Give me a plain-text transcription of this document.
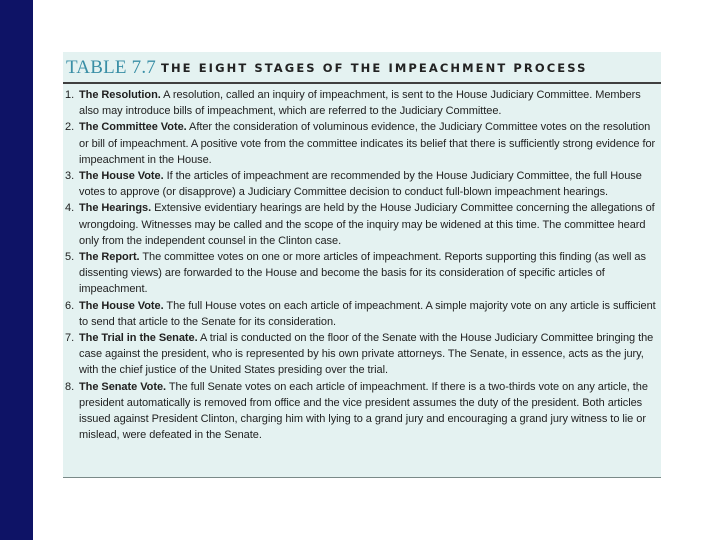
TABLE 7.7 THE EIGHT STAGES OF THE IMPEACHMENT PROCESS
1. The Resolution. A resolution, called an inquiry of impeachment, is sent to the House Judiciary Committee. Members also may introduce bills of impeachment, which are referred to the Judiciary Committee.
2. The Committee Vote. After the consideration of voluminous evidence, the Judiciary Committee votes on the resolution or bill of impeachment. A positive vote from the committee indicates its belief that there is sufficiently strong evidence for impeachment in the House.
3. The House Vote. If the articles of impeachment are recommended by the House Judiciary Committee, the full House votes to approve (or disapprove) a Judiciary Committee decision to conduct full-blown impeachment hearings.
4. The Hearings. Extensive evidentiary hearings are held by the House Judiciary Committee concerning the allegations of wrongdoing. Witnesses may be called and the scope of the inquiry may be widened at this time. The committee heard only from the independent counsel in the Clinton case.
5. The Report. The committee votes on one or more articles of impeachment. Reports supporting this finding (as well as dissenting views) are forwarded to the House and become the basis for its consideration of specific articles of impeachment.
6. The House Vote. The full House votes on each article of impeachment. A simple majority vote on any article is sufficient to send that article to the Senate for its consideration.
7. The Trial in the Senate. A trial is conducted on the floor of the Senate with the House Judiciary Committee bringing the case against the president, who is represented by his own private attorneys. The Senate, in essence, acts as the jury, with the chief justice of the United States presiding over the trial.
8. The Senate Vote. The full Senate votes on each article of impeachment. If there is a two-thirds vote on any article, the president automatically is removed from office and the vice president assumes the duty of the president. Both articles issued against President Clinton, charging him with lying to a grand jury and encouraging a grand jury witness to lie or mislead, were defeated in the Senate.
